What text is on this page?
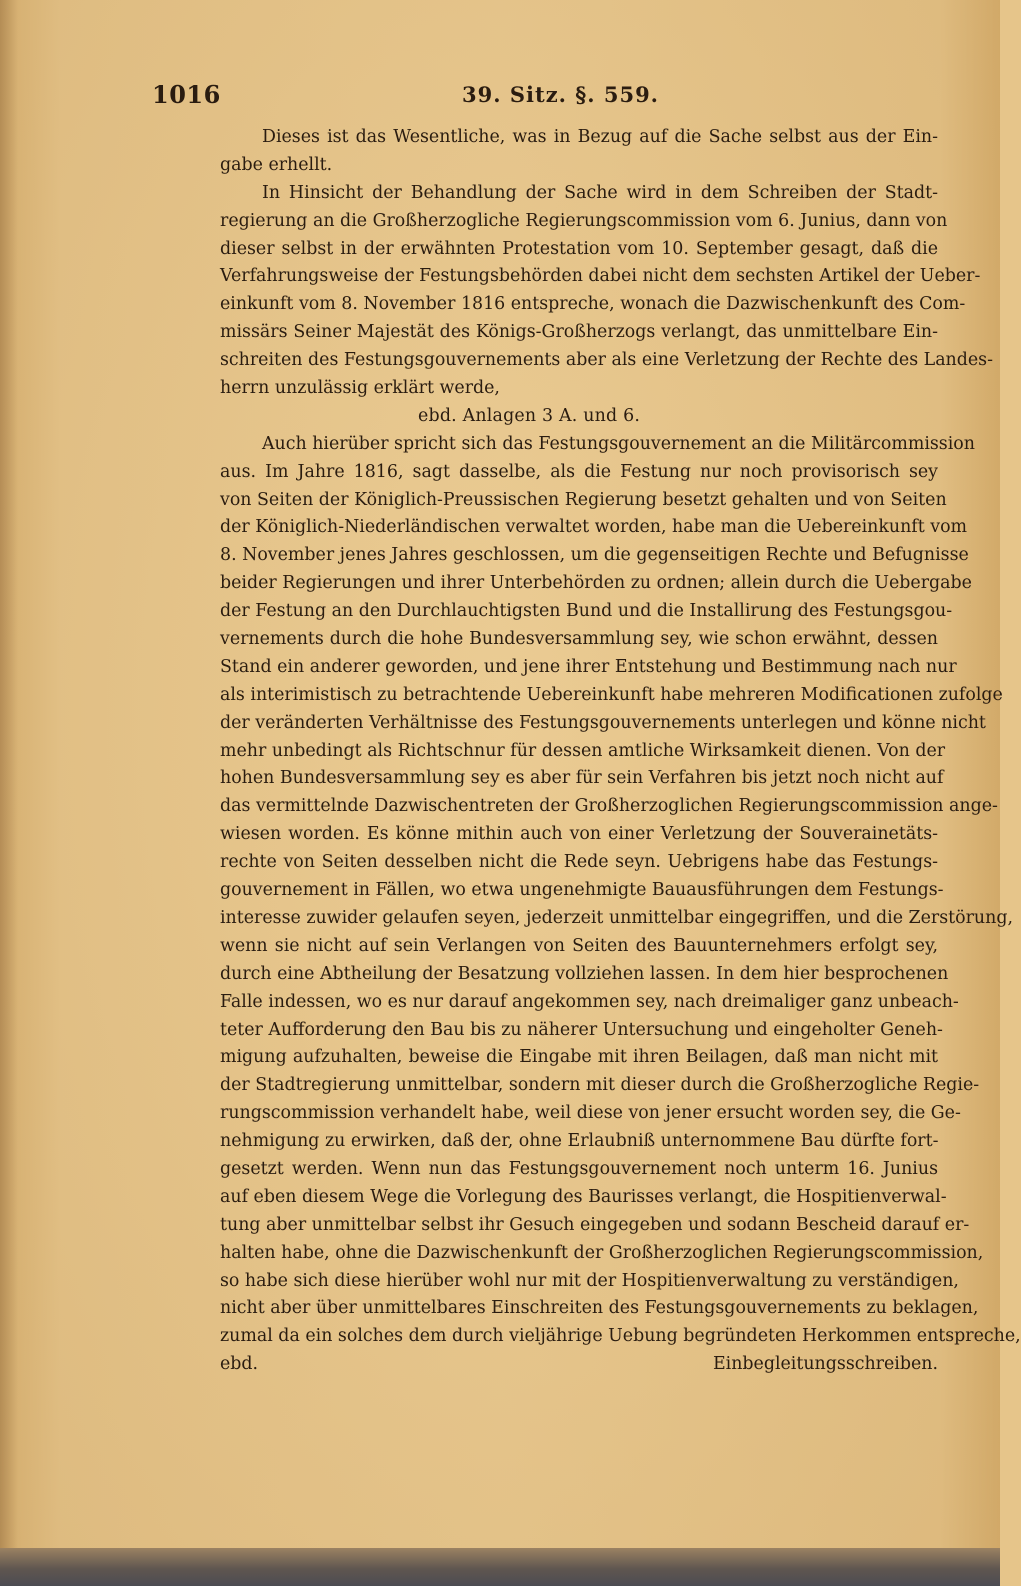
1016	39. Sitz. §. 559.
Dieses ist das Wesentliche, was in Bezug auf die Sache selbst aus der Ein-
gabe erhellt.
In Hinsicht der Behandlung der Sache wird in dem Schreiben der Stadt-
regierung an die Großherzogliche Regierungscommission vom 6. Junius, dann von
dieser selbst in der erwähnten Protestation vom 10. September gesagt, daß die
Verfahrungsweise der Festungsbehörden dabei nicht dem sechsten Artikel der Ueber-
einkunft vom 8. November 1816 entspreche, wonach die Dazwischenkunft des Com-
missärs Seiner Majestät des Königs-Großherzogs verlangt, das unmittelbare Ein-
schreiten des Festungsgouvernements aber als eine Verletzung der Rechte des Landes-
herrn unzulässig erklärt werde,
ebd. Anlagen 3 A. und 6.
Auch hierüber spricht sich das Festungsgouvernement an die Militärcommission
aus. Im Jahre 1816, sagt dasselbe, als die Festung nur noch provisorisch sey
von Seiten der Königlich-Preussischen Regierung besetzt gehalten und von Seiten
der Königlich-Niederländischen verwaltet worden, habe man die Uebereinkunft vom
8. November jenes Jahres geschlossen, um die gegenseitigen Rechte und Befugnisse
beider Regierungen und ihrer Unterbehörden zu ordnen; allein durch die Uebergabe
der Festung an den Durchlauchtigsten Bund und die Installirung des Festungsgou-
vernements durch die hohe Bundesversammlung sey, wie schon erwähnt, dessen
Stand ein anderer geworden, und jene ihrer Entstehung und Bestimmung nach nur
als interimistisch zu betrachtende Uebereinkunft habe mehreren Modificationen zufolge
der veränderten Verhältnisse des Festungsgouvernements unterlegen und könne nicht
mehr unbedingt als Richtschnur für dessen amtliche Wirksamkeit dienen. Von der
hohen Bundesversammlung sey es aber für sein Verfahren bis jetzt noch nicht auf
das vermittelnde Dazwischentreten der Großherzoglichen Regierungscommission ange-
wiesen worden. Es könne mithin auch von einer Verletzung der Souverainetäts-
rechte von Seiten desselben nicht die Rede seyn. Uebrigens habe das Festungs-
gouvernement in Fällen, wo etwa ungenehmigte Bauausführungen dem Festungs-
interesse zuwider gelaufen seyen, jederzeit unmittelbar eingegriffen, und die Zerstörung,
wenn sie nicht auf sein Verlangen von Seiten des Bauunternehmers erfolgt sey,
durch eine Abtheilung der Besatzung vollziehen lassen. In dem hier besprochenen
Falle indessen, wo es nur darauf angekommen sey, nach dreimaliger ganz unbeach-
teter Aufforderung den Bau bis zu näherer Untersuchung und eingeholter Geneh-
migung aufzuhalten, beweise die Eingabe mit ihren Beilagen, daß man nicht mit
der Stadtregierung unmittelbar, sondern mit dieser durch die Großherzogliche Regie-
rungscommission verhandelt habe, weil diese von jener ersucht worden sey, die Ge-
nehmigung zu erwirken, daß der, ohne Erlaubniß unternommene Bau dürfte fort-
gesetzt werden. Wenn nun das Festungsgouvernement noch unterm 16. Junius
auf eben diesem Wege die Vorlegung des Baurisses verlangt, die Hospitienverwal-
tung aber unmittelbar selbst ihr Gesuch eingegeben und sodann Bescheid darauf er-
halten habe, ohne die Dazwischenkunft der Großherzoglichen Regierungscommission,
so habe sich diese hierüber wohl nur mit der Hospitienverwaltung zu verständigen,
nicht aber über unmittelbares Einschreiten des Festungsgouvernements zu beklagen,
zumal da ein solches dem durch vieljährige Uebung begründeten Herkommen entspreche,
ebd. Einbegleitungsschreiben.
